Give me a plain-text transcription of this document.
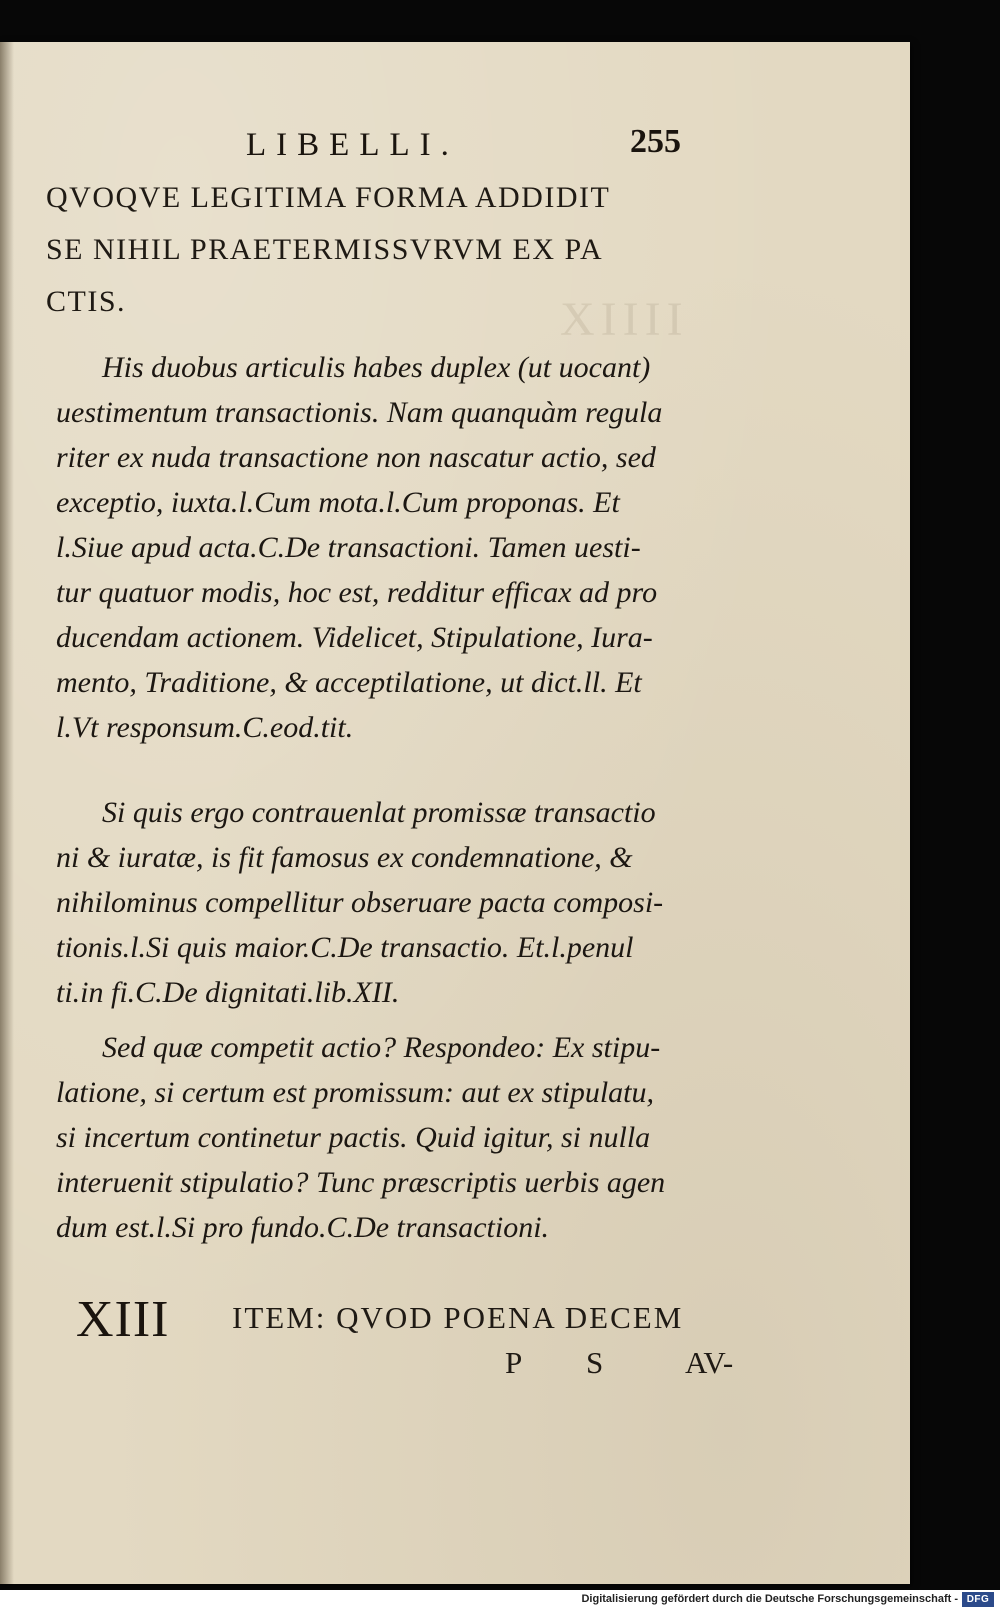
XIIII
LIBELLI.	255
QVOQVE LEGITIMA FORMA ADDIDIT
SE NIHIL PRAETERMISSVRVM EX PA
CTIS.
His duobus articulis habes duplex (ut uocant)
uestimentum transactionis. Nam quanquàm regula
riter ex nuda transactione non nascatur actio, sed
exceptio, iuxta.l.Cum mota.l.Cum proponas. Et
l.Siue apud acta.C.De transactioni. Tamen uesti-
tur quatuor modis, hoc est, redditur efficax ad pro
ducendam actionem. Videlicet, Stipulatione, Iura-
mento, Traditione, & acceptilatione, ut dict.ll. Et
l.Vt responsum.C.eod.tit.
Si quis ergo contrauenlat promissæ transactio
ni & iuratæ, is fit famosus ex condemnatione, &
nihilominus compellitur obseruare pacta composi-
tionis.l.Si quis maior.C.De transactio. Et.l.penul
ti.in fi.C.De dignitati.lib.XII.
Sed quæ competit actio? Respondeo: Ex stipu-
latione, si certum est promissum: aut ex stipulatu,
si incertum continetur pactis. Quid igitur, si nulla
interuenit stipulatio? Tunc præscriptis uerbis agen
dum est.l.Si pro fundo.C.De transactioni.
XIII ITEM: QVOD POENA DECEM
P S	AV-
Digitalisierung gefördert durch die Deutsche Forschungsgemeinschaft - DFG
